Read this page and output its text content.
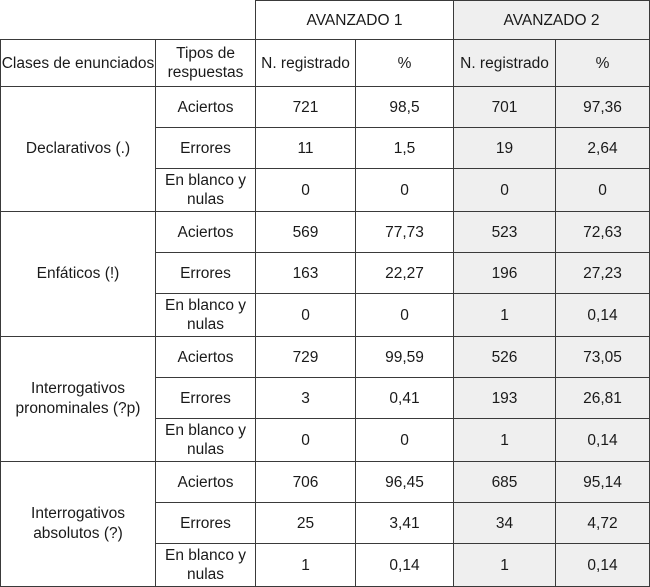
		AVANZADO 1		AVANZADO 2	
Clases de enunciados	Tipos de respuestas	N. registrado	%	N. registrado	%
Declarativos (.)	Aciertos	721	98,5	701	97,36
	Errores	11	1,5	19	2,64
	En blanco y nulas	0	0	0	0
Enfáticos (!)	Aciertos	569	77,73	523	72,63
	Errores	163	22,27	196	27,23
	En blanco y nulas	0	0	1	0,14
Interrogativos pronominales (?p)	Aciertos	729	99,59	526	73,05
	Errores	3	0,41	193	26,81
	En blanco y nulas	0	0	1	0,14
Interrogativos absolutos (?)	Aciertos	706	96,45	685	95,14
	Errores	25	3,41	34	4,72
	En blanco y nulas	1	0,14	1	0,14
